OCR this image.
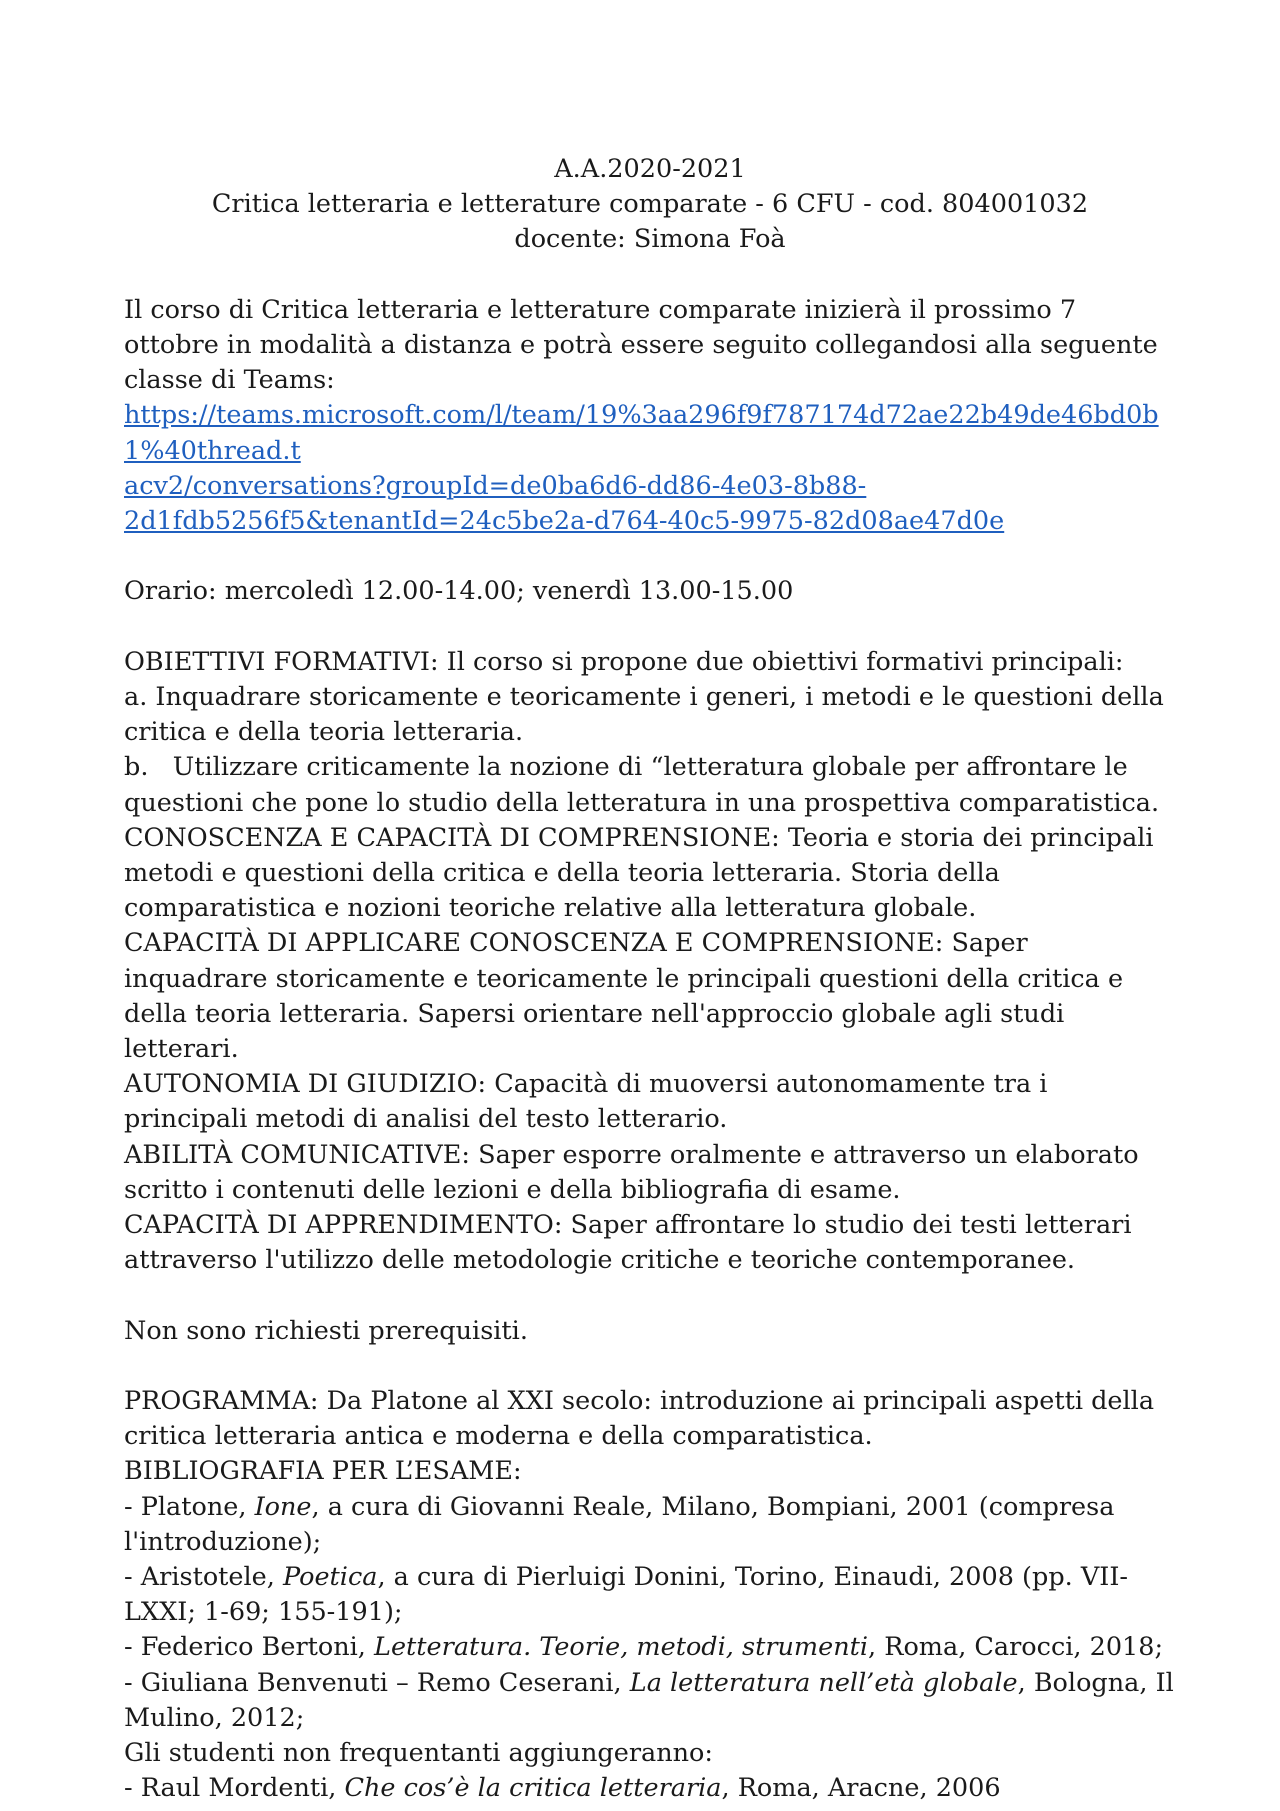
A.A.2020-2021

Critica letteraria e letterature comparate - 6 CFU - cod. 804001032

docente: Simona Foà

Il corso di Critica letteraria e letterature comparate inizierà il prossimo 7 ottobre in modalità a distanza e potrà essere seguito collegandosi alla seguente classe di Teams:

https://teams.microsoft.com/l/team/19%3aa296f9f787174d72ae22b49de46bd0b1%40thread.t

acv2/conversations?groupId=de0ba6d6-dd86-4e03-8b88-

2d1fdb5256f5&tenantId=24c5be2a-d764-40c5-9975-82d08ae47d0e

Orario: mercoledì 12.00-14.00; venerdì 13.00-15.00

OBIETTIVI FORMATIVI: Il corso si propone due obiettivi formativi principali:

a. Inquadrare storicamente e teoricamente i generi, i metodi e le questioni della critica e della teoria letteraria.

b.   Utilizzare criticamente la nozione di “letteratura globale per affrontare le questioni che pone lo studio della letteratura in una prospettiva comparatistica.

CONOSCENZA E CAPACITÀ DI COMPRENSIONE: Teoria e storia dei principali metodi e questioni della critica e della teoria letteraria. Storia della comparatistica e nozioni teoriche relative alla letteratura globale.

CAPACITÀ DI APPLICARE CONOSCENZA E COMPRENSIONE: Saper inquadrare storicamente e teoricamente le principali questioni della critica e della teoria letteraria. Sapersi orientare nell'approccio globale agli studi letterari.

AUTONOMIA DI GIUDIZIO: Capacità di muoversi autonomamente tra i principali metodi di analisi del testo letterario.

ABILITÀ COMUNICATIVE: Saper esporre oralmente e attraverso un elaborato scritto i contenuti delle lezioni e della bibliografia di esame.

CAPACITÀ DI APPRENDIMENTO: Saper affrontare lo studio dei testi letterari attraverso l'utilizzo delle metodologie critiche e teoriche contemporanee.

Non sono richiesti prerequisiti.

PROGRAMMA: Da Platone al XXI secolo: introduzione ai principali aspetti della critica letteraria antica e moderna e della comparatistica.

BIBLIOGRAFIA PER L’ESAME:

- Platone, Ione, a cura di Giovanni Reale, Milano, Bompiani, 2001 (compresa l'introduzione);

- Aristotele, Poetica, a cura di Pierluigi Donini, Torino, Einaudi, 2008 (pp. VII-LXXI; 1-69; 155-191);

- Federico Bertoni, Letteratura. Teorie, metodi, strumenti, Roma, Carocci, 2018;

- Giuliana Benvenuti – Remo Ceserani, La letteratura nell’età globale, Bologna, Il Mulino, 2012;

Gli studenti non frequentanti aggiungeranno:

- Raul Mordenti, Che cos’è la critica letteraria, Roma, Aracne, 2006
